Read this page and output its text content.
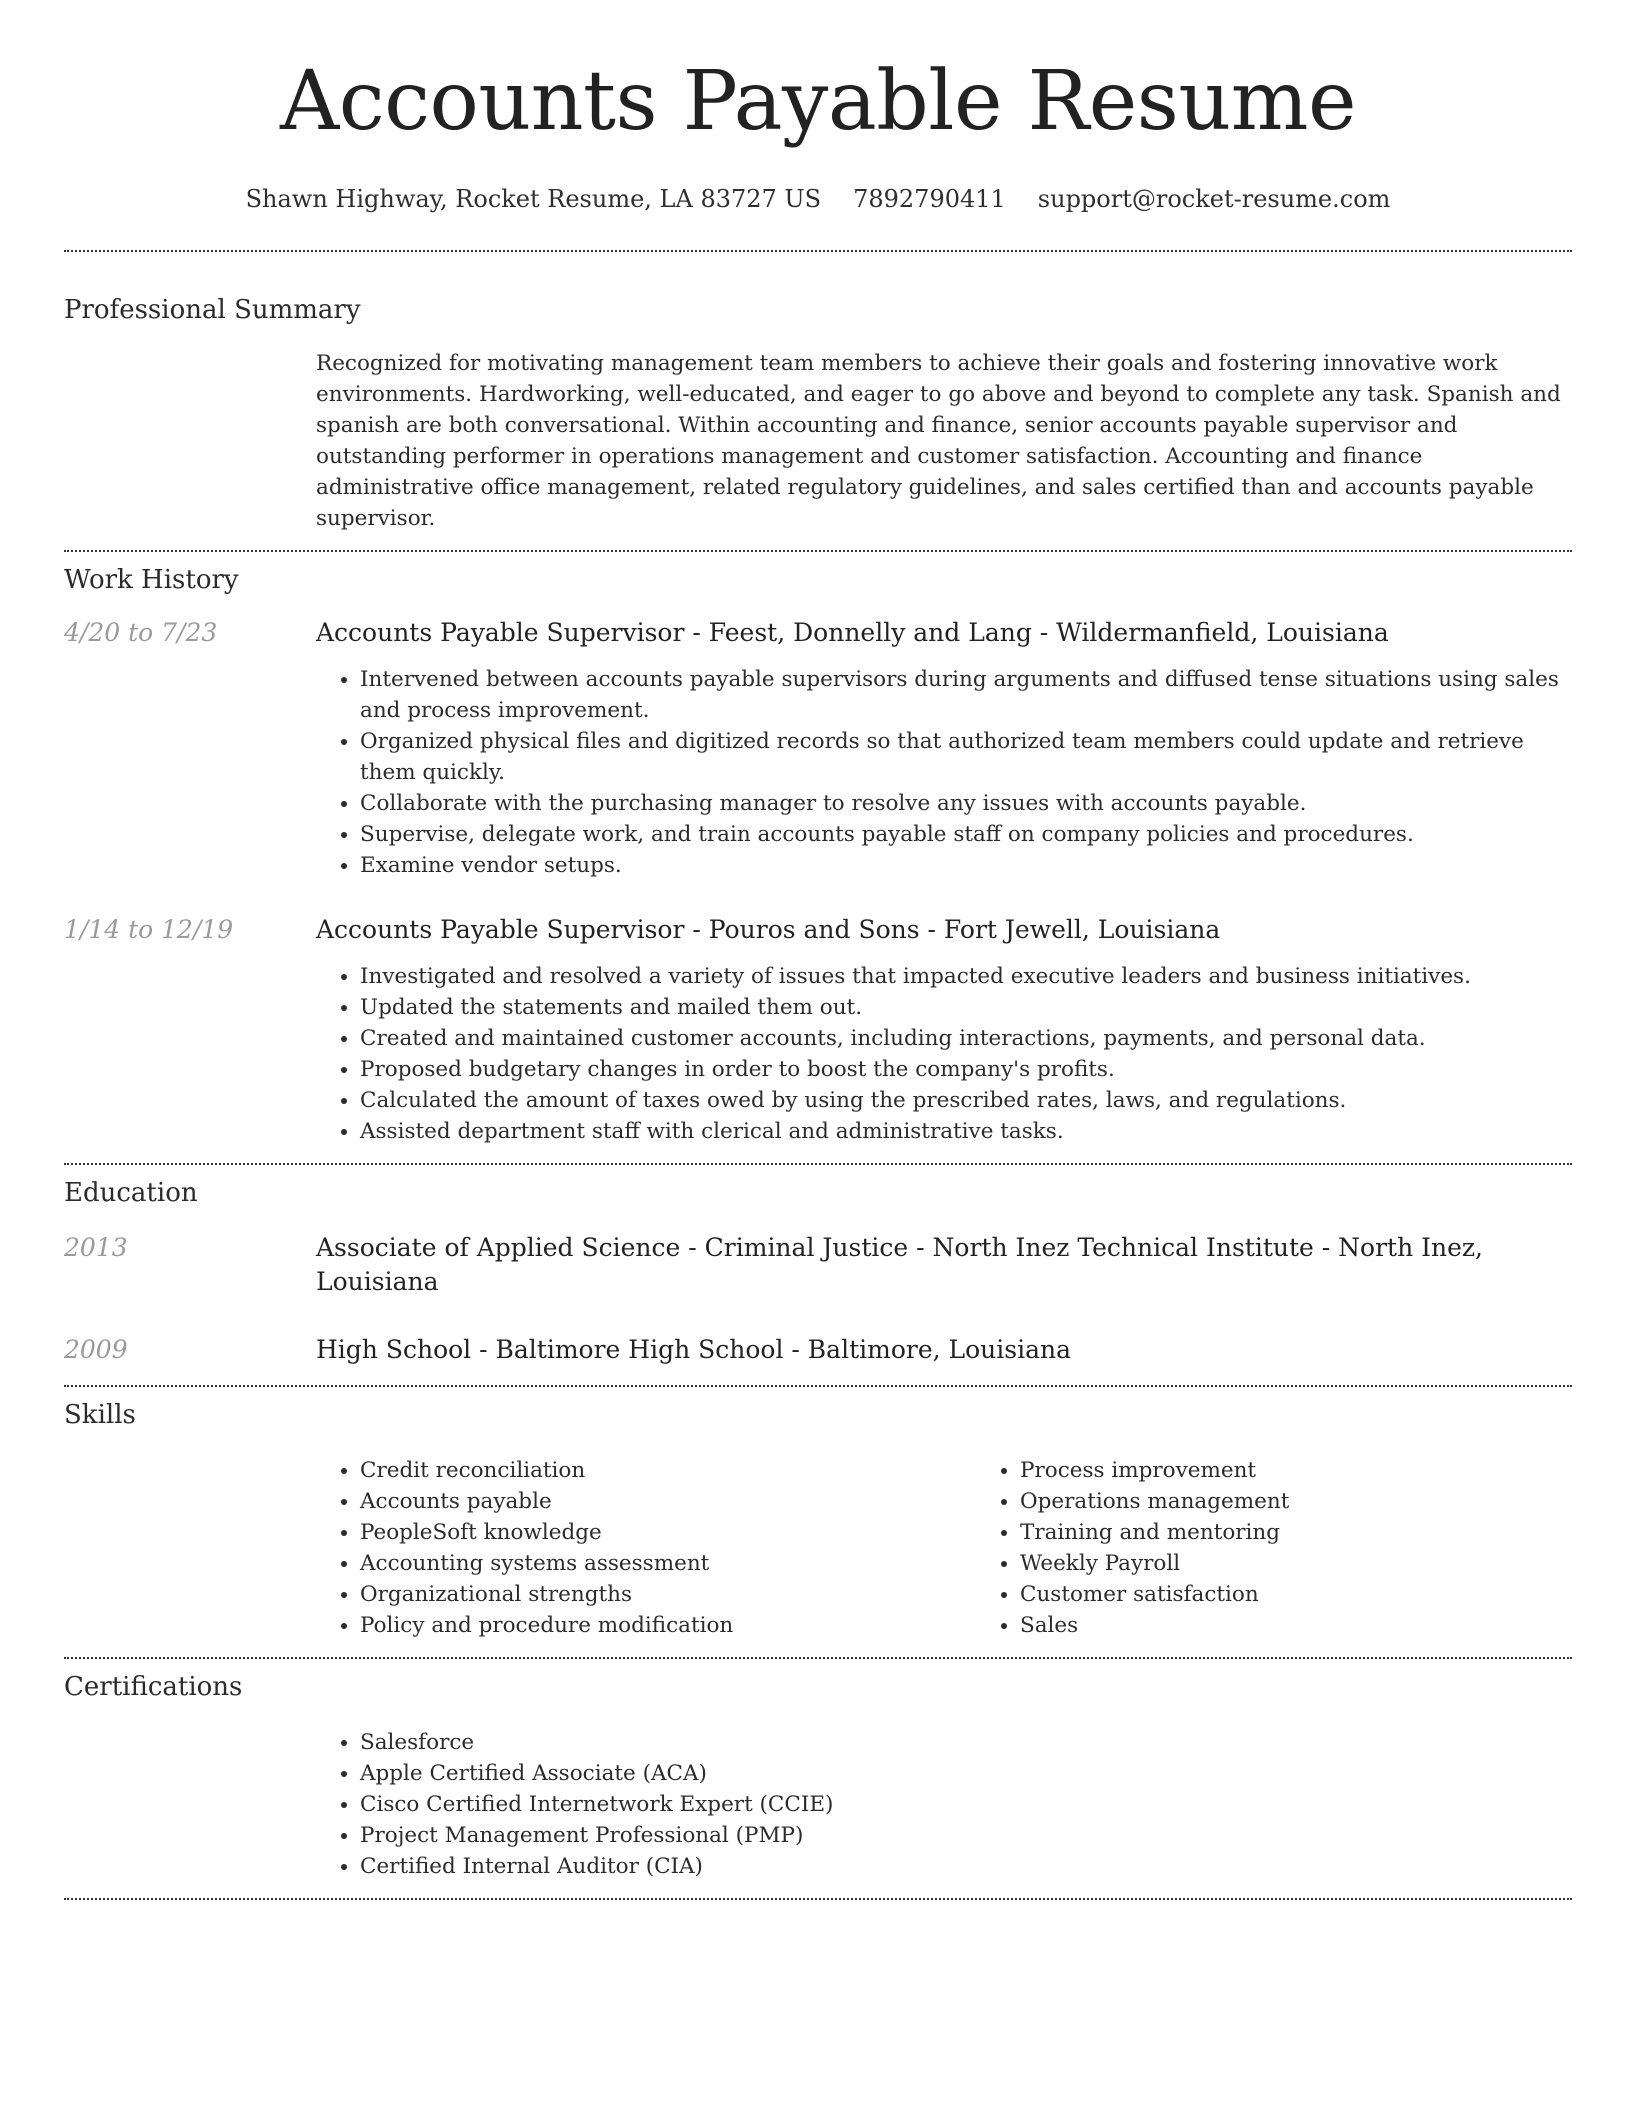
Accounts Payable Resume
Shawn Highway, Rocket Resume, LA 83727 US 7892790411 support@rocket-resume.com
Professional Summary

Recognized for motivating management team members to achieve their goals and fostering innovative work environments. Hardworking, well-educated, and eager to go above and beyond to complete any task. Spanish and spanish are both conversational. Within accounting and finance, senior accounts payable supervisor and outstanding performer in operations management and customer satisfaction. Accounting and finance administrative office management, related regulatory guidelines, and sales certified than and accounts payable supervisor.

Work History
4/20 to 7/23	Accounts Payable Supervisor - Feest, Donnelly and Lang - Wildermanfield, Louisiana
• Intervened between accounts payable supervisors during arguments and diffused tense situations using sales and process improvement.
• Organized physical files and digitized records so that authorized team members could update and retrieve them quickly.
• Collaborate with the purchasing manager to resolve any issues with accounts payable.
• Supervise, delegate work, and train accounts payable staff on company policies and procedures.
• Examine vendor setups.
1/14 to 12/19	Accounts Payable Supervisor - Pouros and Sons - Fort Jewell, Louisiana
• Investigated and resolved a variety of issues that impacted executive leaders and business initiatives.
• Updated the statements and mailed them out.
• Created and maintained customer accounts, including interactions, payments, and personal data.
• Proposed budgetary changes in order to boost the company's profits.
• Calculated the amount of taxes owed by using the prescribed rates, laws, and regulations.
• Assisted department staff with clerical and administrative tasks.
Education
2013	Associate of Applied Science - Criminal Justice - North Inez Technical Institute - North Inez, Louisiana
2009	High School - Baltimore High School - Baltimore, Louisiana
Skills
• Credit reconciliation
• Accounts payable
• PeopleSoft knowledge
• Accounting systems assessment
• Organizational strengths
• Policy and procedure modification
• Process improvement
• Operations management
• Training and mentoring
• Weekly Payroll
• Customer satisfaction
• Sales
Certifications
• Salesforce
• Apple Certified Associate (ACA)
• Cisco Certified Internetwork Expert (CCIE)
• Project Management Professional (PMP)
• Certified Internal Auditor (CIA)
